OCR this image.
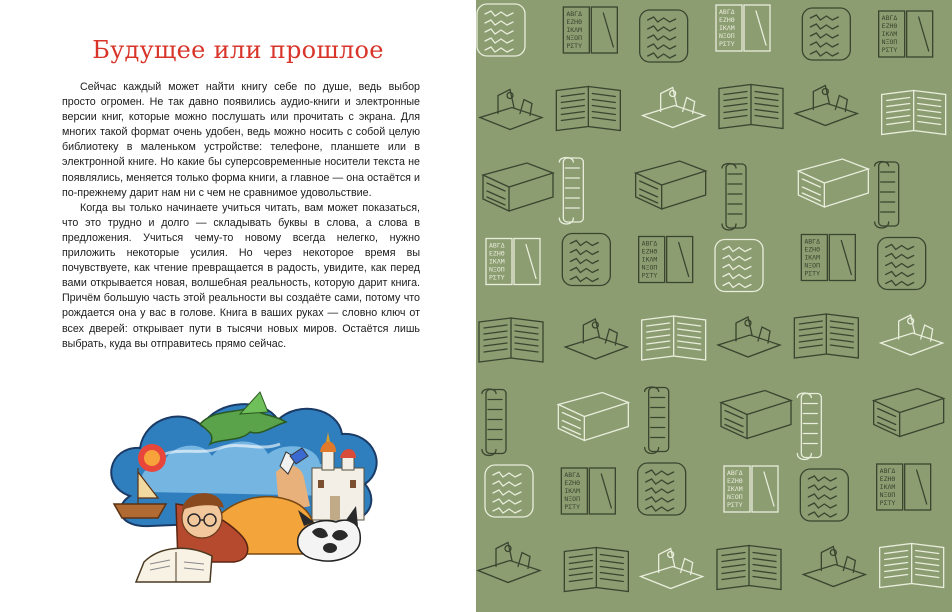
Будущее или прошлое

Сейчас каждый может найти книгу себе по душе, ведь выбор просто огромен. Не так давно появились аудио-книги и электронные версии книг, которые можно послушать или прочитать с экрана. Для многих такой формат очень удобен, ведь можно носить с собой целую библиотеку в маленьком устройстве: телефоне, планшете или в электронной книге. Но какие бы суперсовременные носители текста не появлялись, меняется только форма книги, а главное — она остаётся и по-прежнему дарит нам ни с чем не сравнимое удовольствие.

Когда вы только начинаете учиться читать, вам может показаться, что это трудно и долго — складывать буквы в слова, а слова в предложения. Учиться чему-то новому всегда нелегко, нужно приложить некоторые усилия. Но через некоторое время вы почувствуете, как чтение превращается в радость, увидите, как перед вами открывается новая, волшебная реальность, которую дарит книга. Причём большую часть этой реальности вы создаёте сами, потому что рождается она у вас в голове. Книга в ваших руках — словно ключ от всех дверей: открывает пути в тысячи новых миров. Остаётся лишь выбрать, куда вы отправитесь прямо сейчас.

ΑΒΓΔ
ΕΖΗΘ
ΙΚΛΜ
ΝΞΟΠ
ΡΣΤΥ
ΑΒΓΔ
ΕΖΗΘ
ΙΚΛΜ
ΝΞΟΠ
ΡΣΤΥ
ΑΒΓΔ
ΕΖΗΘ
ΙΚΛΜ
ΝΞΟΠ
ΡΣΤΥ
ΑΒΓΔ
ΕΖΗΘ
ΙΚΛΜ
ΝΞΟΠ
ΡΣΤΥ
ΑΒΓΔ
ΕΖΗΘ
ΙΚΛΜ
ΝΞΟΠ
ΡΣΤΥ
ΑΒΓΔ
ΕΖΗΘ
ΙΚΛΜ
ΝΞΟΠ
ΡΣΤΥ
ΑΒΓΔ
ΕΖΗΘ
ΙΚΛΜ
ΝΞΟΠ
ΡΣΤΥ
ΑΒΓΔ
ΕΖΗΘ
ΙΚΛΜ
ΝΞΟΠ
ΡΣΤΥ
ΑΒΓΔ
ΕΖΗΘ
ΙΚΛΜ
ΝΞΟΠ
ΡΣΤΥ
